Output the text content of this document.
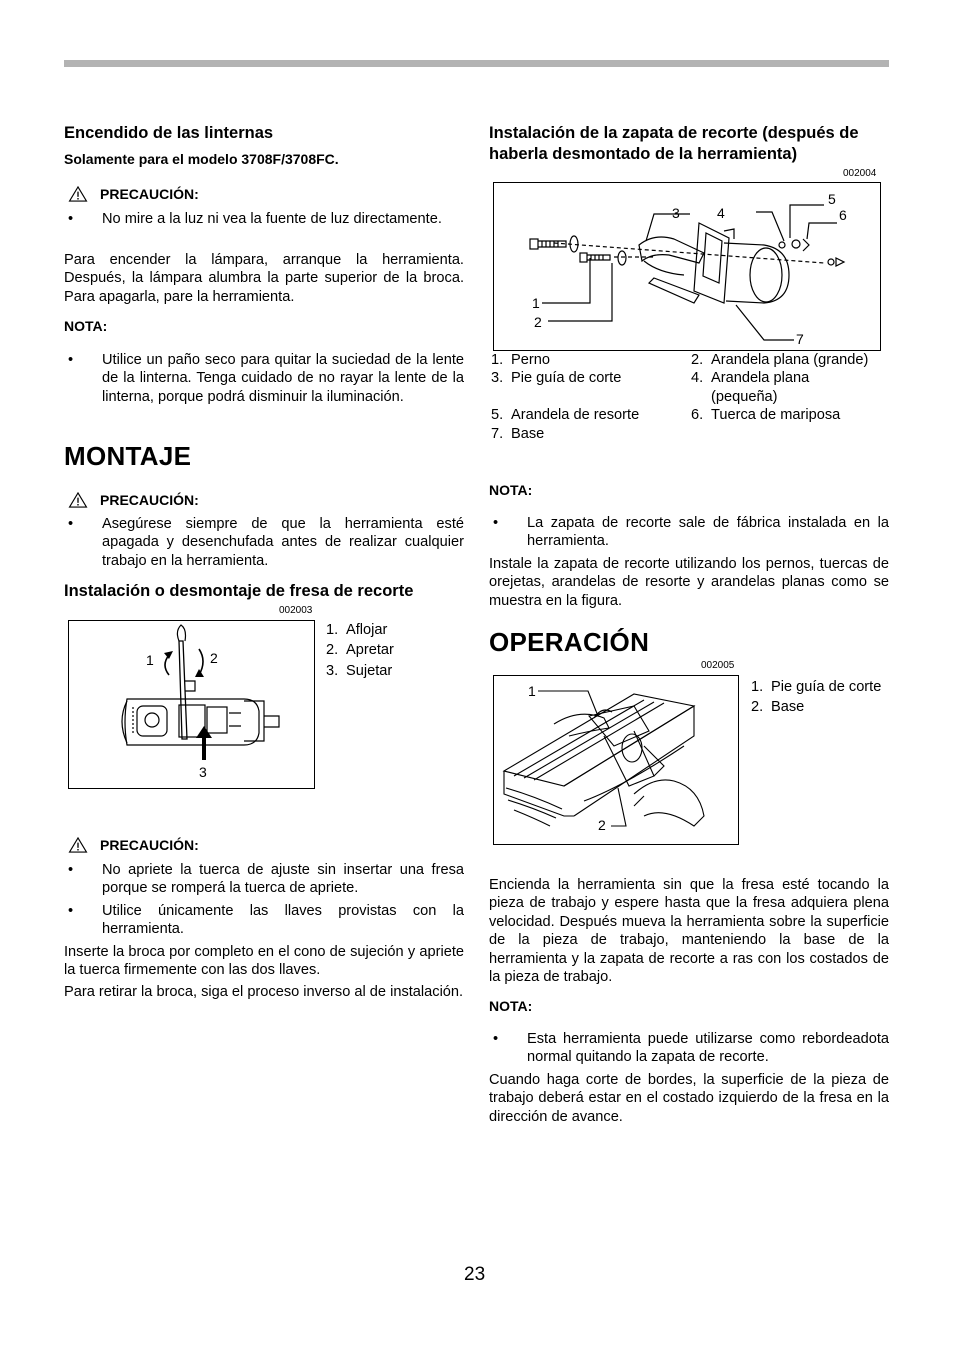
Encendido de las linternas
Solamente para el modelo 3708F/3708FC.
PRECAUCIÓN:
•	No mire a la luz ni vea la fuente de luz directamente.

Para encender la lámpara, arranque la herramienta. Después, la lámpara alumbra la parte superior de la broca. Para apagarla, pare la herramienta.

NOTA:
•	Utilice un paño seco para quitar la suciedad de la lente de la linterna. Tenga cuidado de no rayar la lente de la linterna, porque podrá disminuir la iluminación.
MONTAJE
PRECAUCIÓN:
•	Asegúrese siempre de que la herramienta esté apagada y desenchufada antes de realizar cualquier trabajo en la herramienta.
Instalación o desmontaje de fresa de recorte
002003
1	2
3
1. Aflojar
2. Apretar
3. Sujetar
PRECAUCIÓN:
•	No apriete la tuerca de ajuste sin insertar una fresa porque se romperá la tuerca de apriete.
•	Utilice únicamente las llaves provistas con la herramienta.

Inserte la broca por completo en el cono de sujeción y apriete la tuerca firmemente con las dos llaves.

Para retirar la broca, siga el proceso inverso al de instalación.

Instalación de la zapata de recorte (después de haberla desmontado de la herramienta)
002004
1
2
3	4
5
6
7
1. Perno	2. Arandela plana (grande)
3. Pie guía de corte	4. Arandela plana (pequeña)
5. Arandela de resorte	6. Tuerca de mariposa
7. Base
NOTA:
•	La zapata de recorte sale de fábrica instalada en la herramienta.

Instale la zapata de recorte utilizando los pernos, tuercas de orejetas, arandelas de resorte y arandelas planas como se muestra en la figura.

OPERACIÓN
002005
1
2
1. Pie guía de corte
2. Base

Encienda la herramienta sin que la fresa esté tocando la pieza de trabajo y espere hasta que la fresa adquiera plena velocidad. Después mueva la herramienta sobre la superficie de la pieza de trabajo, manteniendo la base de la herramienta y la zapata de recorte a ras con los costados de la pieza de trabajo.

NOTA:
•	Esta herramienta puede utilizarse como rebordeadota normal quitando la zapata de recorte.

Cuando haga corte de bordes, la superficie de la pieza de trabajo deberá estar en el costado izquierdo de la fresa en la dirección de avance.

23
